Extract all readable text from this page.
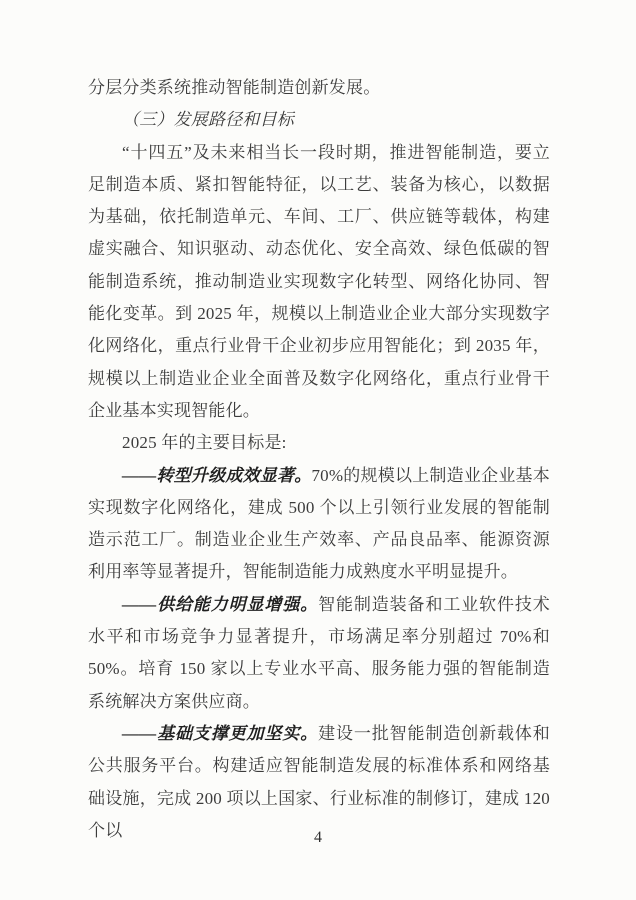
分层分类系统推动智能制造创新发展。

（三）发展路径和目标

“十四五”及未来相当长一段时期，推进智能制造，要立足制造本质、紧扣智能特征，以工艺、装备为核心，以数据为基础，依托制造单元、车间、工厂、供应链等载体，构建虚实融合、知识驱动、动态优化、安全高效、绿色低碳的智能制造系统，推动制造业实现数字化转型、网络化协同、智能化变革。到 2025 年，规模以上制造业企业大部分实现数字化网络化，重点行业骨干企业初步应用智能化；到 2035 年，规模以上制造业企业全面普及数字化网络化，重点行业骨干企业基本实现智能化。

2025 年的主要目标是:

——转型升级成效显著。70%的规模以上制造业企业基本实现数字化网络化，建成 500 个以上引领行业发展的智能制造示范工厂。制造业企业生产效率、产品良品率、能源资源利用率等显著提升，智能制造能力成熟度水平明显提升。

——供给能力明显增强。智能制造装备和工业软件技术水平和市场竞争力显著提升，市场满足率分别超过 70%和 50%。培育 150 家以上专业水平高、服务能力强的智能制造系统解决方案供应商。

——基础支撑更加坚实。建设一批智能制造创新载体和公共服务平台。构建适应智能制造发展的标准体系和网络基础设施，完成 200 项以上国家、行业标准的制修订，建成 120 个以	4
